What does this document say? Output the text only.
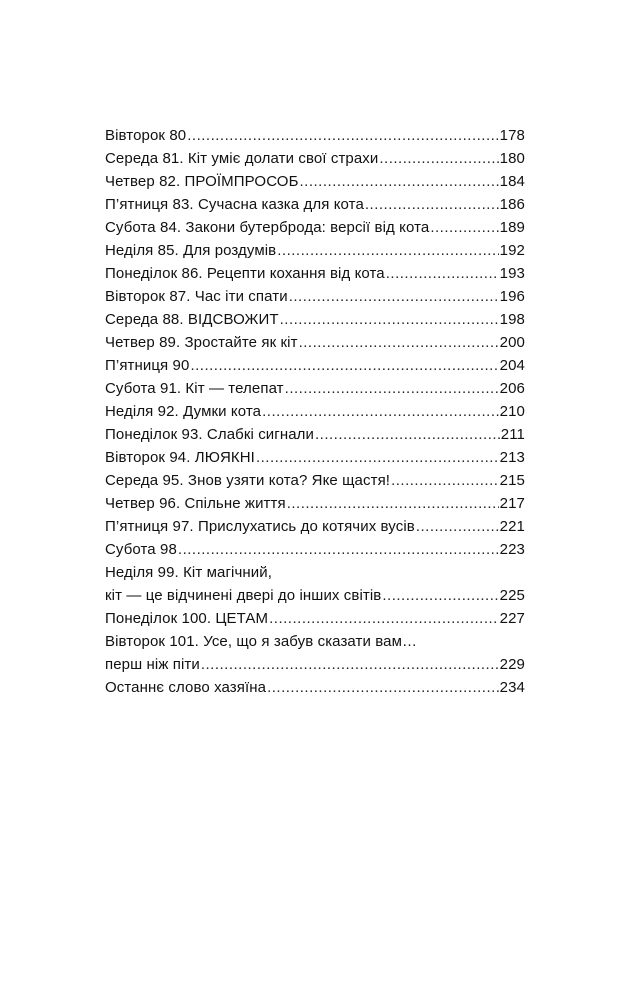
Вівторок 80 .....	178
Середа 81. Кіт уміє долати свої страхи .....	180
Четвер 82. ПРОЇМПРОСОБ .....	184
П’ятниця 83. Сучасна казка для кота .....	186
Субота 84. Закони бутерброда: версії від кота .....	189
Неділя 85. Для роздумів .....	192
Понеділок 86. Рецепти кохання від кота .....	193
Вівторок 87. Час іти спати .....	196
Середа 88. ВІДСВОЖИТ .....	198
Четвер 89. Зростайте як кіт .....	200
П’ятниця 90 .....	204
Субота 91. Кіт — телепат .....	206
Неділя 92. Думки кота .....	210
Понеділок 93. Слабкі сигнали .....	211
Вівторок 94. ЛЮЯКНІ .....	213
Середа 95. Знов узяти кота? Яке щастя! .....	215
Четвер 96. Спільне життя .....	217
П’ятниця 97. Прислухатись до котячих вусів .....	221
Субота 98 .....	223
Неділя 99. Кіт магічний,
кіт — це відчинені двері до інших світів .....	225
Понеділок 100. ЦЕТАМ .....	227
Вівторок 101. Усе, що я забув сказати вам…
перш ніж піти .....	229
Останнє слово хазяїна .....	234
